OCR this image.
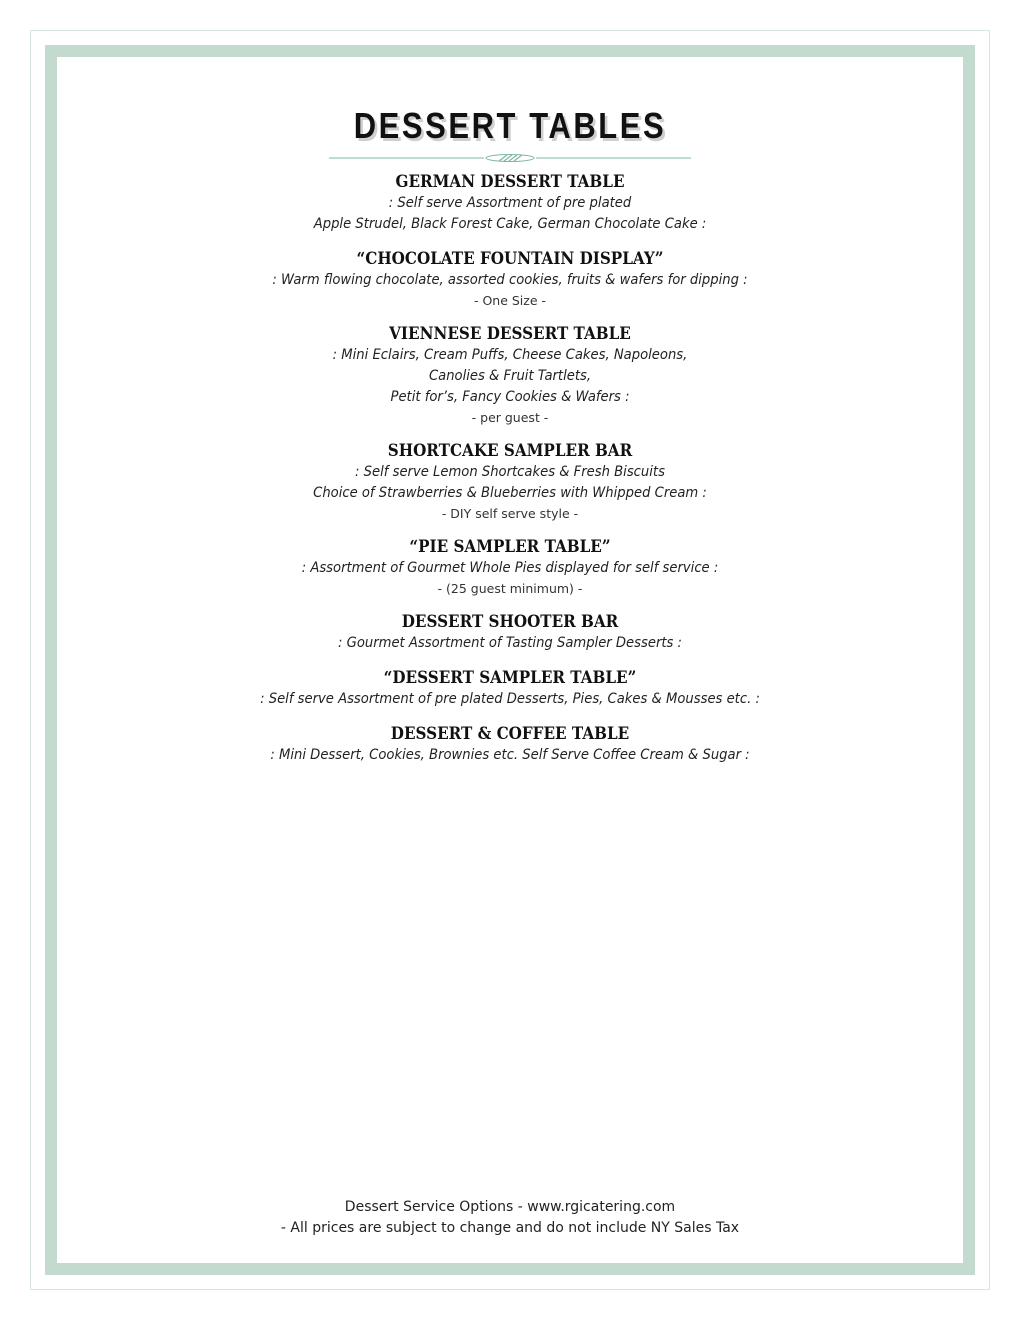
DESSERT TABLES
GERMAN DESSERT TABLE
: Self serve Assortment of pre plated
Apple Strudel, Black Forest Cake, German Chocolate Cake :
“CHOCOLATE FOUNTAIN DISPLAY”
: Warm flowing chocolate, assorted cookies, fruits & wafers for dipping :
- One Size -
VIENNESE DESSERT TABLE
: Mini Eclairs, Cream Puffs, Cheese Cakes, Napoleons,
Canolies & Fruit Tartlets,
Petit for’s, Fancy Cookies & Wafers :
- per guest -
SHORTCAKE SAMPLER BAR
: Self serve Lemon Shortcakes & Fresh Biscuits
Choice of Strawberries & Blueberries with Whipped Cream :
- DIY self serve style -
“PIE SAMPLER TABLE”
: Assortment of Gourmet Whole Pies displayed for self service :
- (25 guest minimum) -
DESSERT SHOOTER BAR
: Gourmet Assortment of Tasting Sampler Desserts :
“DESSERT SAMPLER TABLE”
: Self serve Assortment of pre plated Desserts, Pies, Cakes & Mousses etc. :
DESSERT & COFFEE TABLE
: Mini Dessert, Cookies, Brownies etc. Self Serve Coffee Cream & Sugar :
Dessert Service Options - www.rgicatering.com
- All prices are subject to change and do not include NY Sales Tax
